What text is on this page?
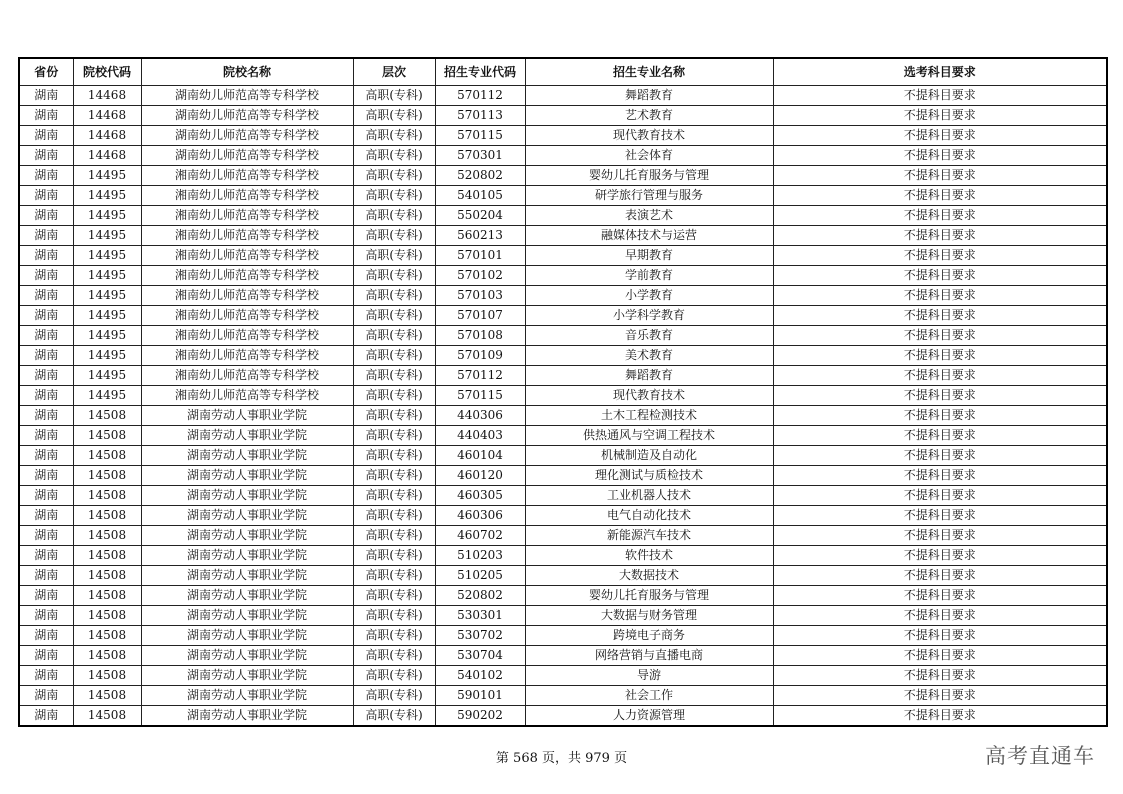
省份	院校代码	院校名称	层次	招生专业代码	招生专业名称	选考科目要求
湖南	14468	湖南幼儿师范高等专科学校	高职(专科)	570112	舞蹈教育	不提科目要求
湖南	14468	湖南幼儿师范高等专科学校	高职(专科)	570113	艺术教育	不提科目要求
湖南	14468	湖南幼儿师范高等专科学校	高职(专科)	570115	现代教育技术	不提科目要求
湖南	14468	湖南幼儿师范高等专科学校	高职(专科)	570301	社会体育	不提科目要求
湖南	14495	湘南幼儿师范高等专科学校	高职(专科)	520802	婴幼儿托育服务与管理	不提科目要求
湖南	14495	湘南幼儿师范高等专科学校	高职(专科)	540105	研学旅行管理与服务	不提科目要求
湖南	14495	湘南幼儿师范高等专科学校	高职(专科)	550204	表演艺术	不提科目要求
湖南	14495	湘南幼儿师范高等专科学校	高职(专科)	560213	融媒体技术与运营	不提科目要求
湖南	14495	湘南幼儿师范高等专科学校	高职(专科)	570101	早期教育	不提科目要求
湖南	14495	湘南幼儿师范高等专科学校	高职(专科)	570102	学前教育	不提科目要求
湖南	14495	湘南幼儿师范高等专科学校	高职(专科)	570103	小学教育	不提科目要求
湖南	14495	湘南幼儿师范高等专科学校	高职(专科)	570107	小学科学教育	不提科目要求
湖南	14495	湘南幼儿师范高等专科学校	高职(专科)	570108	音乐教育	不提科目要求
湖南	14495	湘南幼儿师范高等专科学校	高职(专科)	570109	美术教育	不提科目要求
湖南	14495	湘南幼儿师范高等专科学校	高职(专科)	570112	舞蹈教育	不提科目要求
湖南	14495	湘南幼儿师范高等专科学校	高职(专科)	570115	现代教育技术	不提科目要求
湖南	14508	湖南劳动人事职业学院	高职(专科)	440306	土木工程检测技术	不提科目要求
湖南	14508	湖南劳动人事职业学院	高职(专科)	440403	供热通风与空调工程技术	不提科目要求
湖南	14508	湖南劳动人事职业学院	高职(专科)	460104	机械制造及自动化	不提科目要求
湖南	14508	湖南劳动人事职业学院	高职(专科)	460120	理化测试与质检技术	不提科目要求
湖南	14508	湖南劳动人事职业学院	高职(专科)	460305	工业机器人技术	不提科目要求
湖南	14508	湖南劳动人事职业学院	高职(专科)	460306	电气自动化技术	不提科目要求
湖南	14508	湖南劳动人事职业学院	高职(专科)	460702	新能源汽车技术	不提科目要求
湖南	14508	湖南劳动人事职业学院	高职(专科)	510203	软件技术	不提科目要求
湖南	14508	湖南劳动人事职业学院	高职(专科)	510205	大数据技术	不提科目要求
湖南	14508	湖南劳动人事职业学院	高职(专科)	520802	婴幼儿托育服务与管理	不提科目要求
湖南	14508	湖南劳动人事职业学院	高职(专科)	530301	大数据与财务管理	不提科目要求
湖南	14508	湖南劳动人事职业学院	高职(专科)	530702	跨境电子商务	不提科目要求
湖南	14508	湖南劳动人事职业学院	高职(专科)	530704	网络营销与直播电商	不提科目要求
湖南	14508	湖南劳动人事职业学院	高职(专科)	540102	导游	不提科目要求
湖南	14508	湖南劳动人事职业学院	高职(专科)	590101	社会工作	不提科目要求
湖南	14508	湖南劳动人事职业学院	高职(专科)	590202	人力资源管理	不提科目要求
第 568 页，共 979 页	高考直通车
